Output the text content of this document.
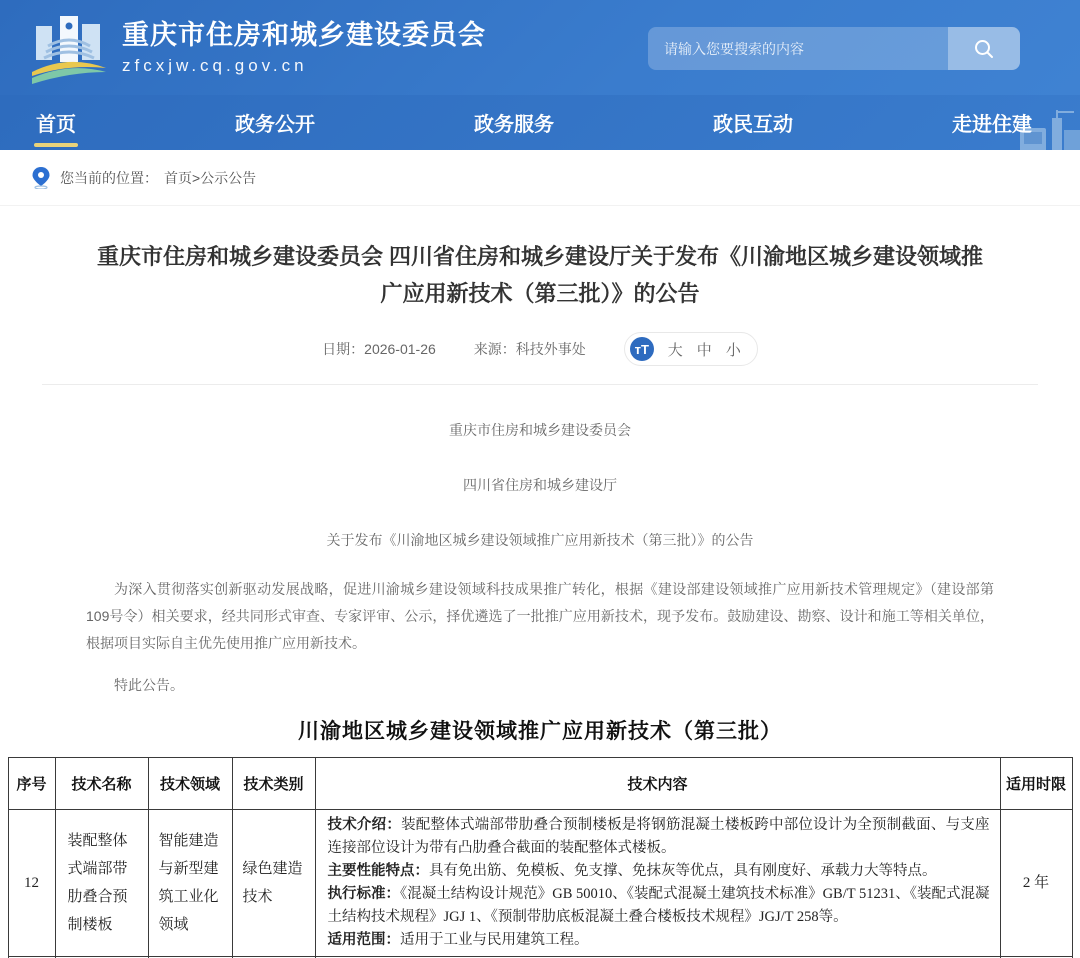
重庆市住房和城乡建设委员会
zfcxjw.cq.gov.cn
请输入您要搜索的内容
首页	政务公开	政务服务	政民互动	走进住建
您当前的位置： 首页>公示公告
重庆市住房和城乡建设委员会 四川省住房和城乡建设厅关于发布《川渝地区城乡建设领域推广应用新技术（第三批）》的公告
日期：2026-01-26	来源：科技外事处	ᴛT	大 中 小
重庆市住房和城乡建设委员会
四川省住房和城乡建设厅
关于发布《川渝地区城乡建设领域推广应用新技术（第三批）》的公告

为深入贯彻落实创新驱动发展战略，促进川渝城乡建设领域科技成果推广转化，根据《建设部建设领域推广应用新技术管理规定》（建设部第109号令）相关要求，经共同形式审查、专家评审、公示，择优遴选了一批推广应用新技术，现予发布。鼓励建设、勘察、设计和施工等相关单位，根据项目实际自主优先使用推广应用新技术。

特此公告。

川渝地区城乡建设领域推广应用新技术（第三批）
序号	技术名称	技术领域	技术类别	技术内容	适用时限
12	装配整体式端部带肋叠合预制楼板	智能建造与新型建筑工业化领域	绿色建造技术	技术介绍：装配整体式端部带肋叠合预制楼板是将钢筋混凝土楼板跨中部位设计为全预制截面、与支座连接部位设计为带有凸肋叠合截面的装配整体式楼板。

主要性能特点：具有免出筋、免模板、免支撑、免抹灰等优点，具有刚度好、承载力大等特点。

执行标准：《混凝土结构设计规范》GB 50010、《装配式混凝土建筑技术标准》GB/T 51231、《装配式混凝土结构技术规程》JGJ 1、《预制带肋底板混凝土叠合楼板技术规程》JGJ/T 258等。

适用范围：适用于工业与民用建筑工程。	2 年
